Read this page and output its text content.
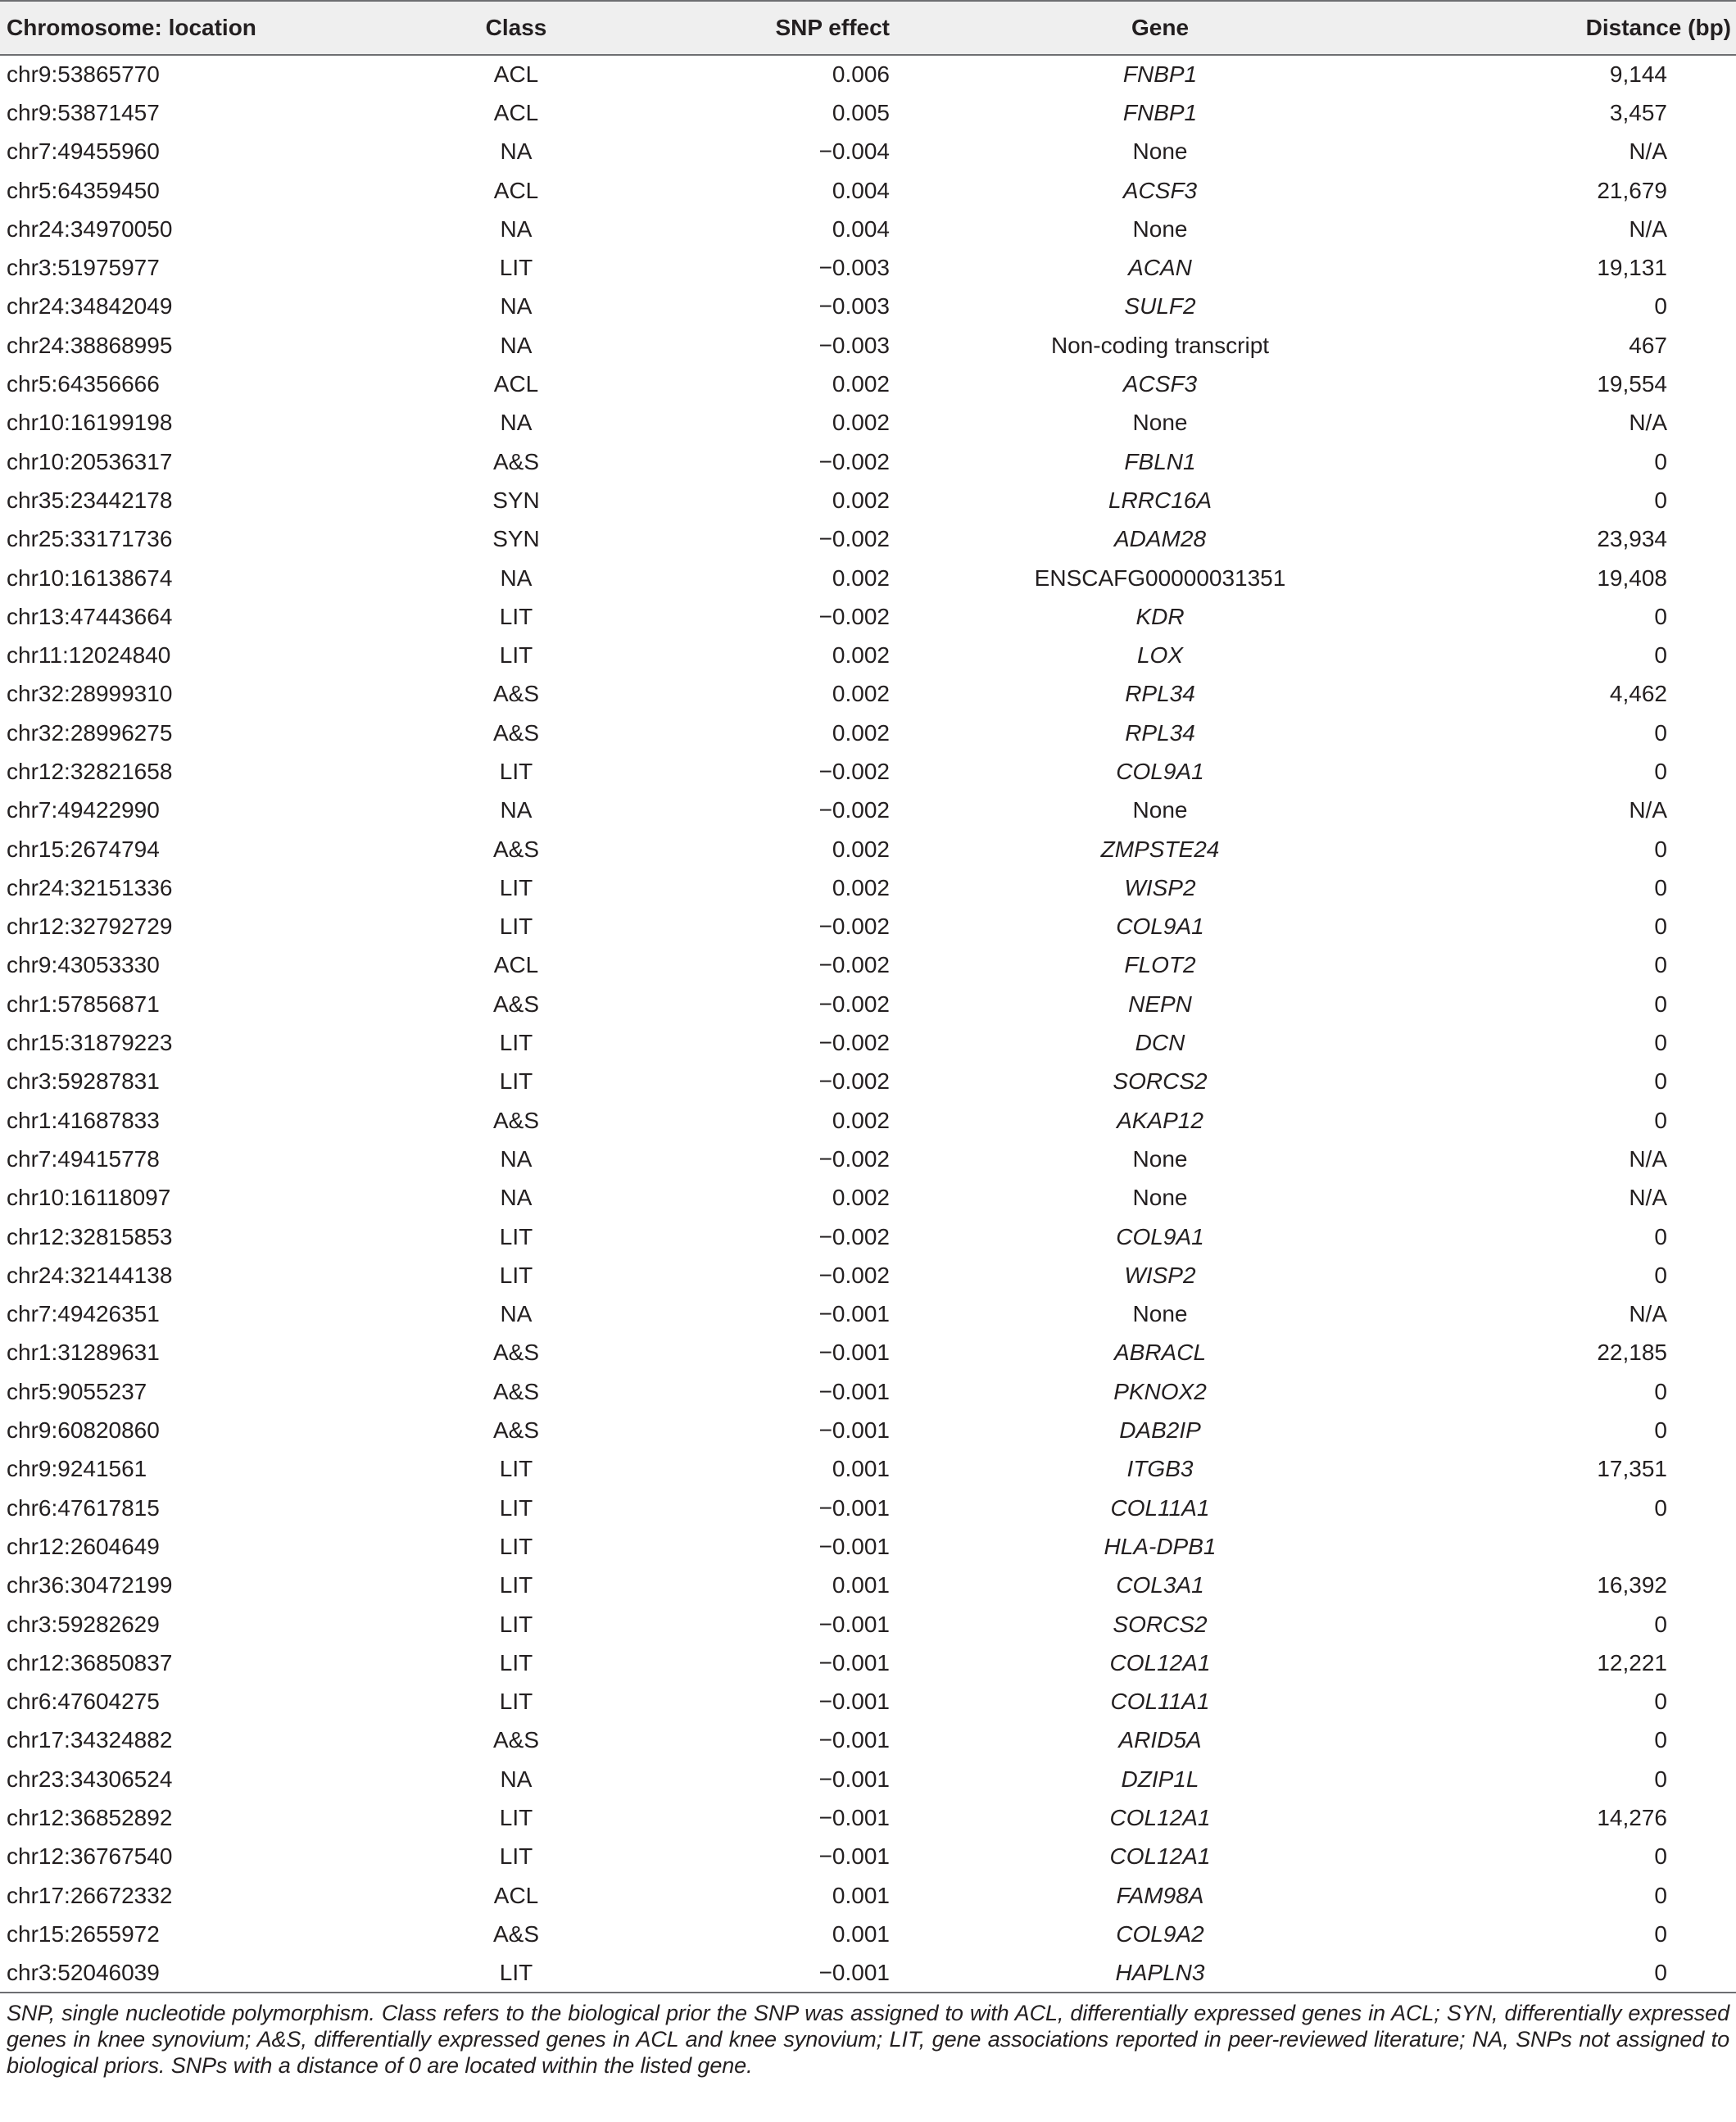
Chromosome: location	Class	SNP effect	Gene	Distance (bp)
chr9:53865770	ACL	0.006	FNBP1	9,144
chr9:53871457	ACL	0.005	FNBP1	3,457
chr7:49455960	NA	−0.004	None	N/A
chr5:64359450	ACL	0.004	ACSF3	21,679
chr24:34970050	NA	0.004	None	N/A
chr3:51975977	LIT	−0.003	ACAN	19,131
chr24:34842049	NA	−0.003	SULF2	0
chr24:38868995	NA	−0.003	Non-coding transcript	467
chr5:64356666	ACL	0.002	ACSF3	19,554
chr10:16199198	NA	0.002	None	N/A
chr10:20536317	A&S	−0.002	FBLN1	0
chr35:23442178	SYN	0.002	LRRC16A	0
chr25:33171736	SYN	−0.002	ADAM28	23,934
chr10:16138674	NA	0.002	ENSCAFG00000031351	19,408
chr13:47443664	LIT	−0.002	KDR	0
chr11:12024840	LIT	0.002	LOX	0
chr32:28999310	A&S	0.002	RPL34	4,462
chr32:28996275	A&S	0.002	RPL34	0
chr12:32821658	LIT	−0.002	COL9A1	0
chr7:49422990	NA	−0.002	None	N/A
chr15:2674794	A&S	0.002	ZMPSTE24	0
chr24:32151336	LIT	0.002	WISP2	0
chr12:32792729	LIT	−0.002	COL9A1	0
chr9:43053330	ACL	−0.002	FLOT2	0
chr1:57856871	A&S	−0.002	NEPN	0
chr15:31879223	LIT	−0.002	DCN	0
chr3:59287831	LIT	−0.002	SORCS2	0
chr1:41687833	A&S	0.002	AKAP12	0
chr7:49415778	NA	−0.002	None	N/A
chr10:16118097	NA	0.002	None	N/A
chr12:32815853	LIT	−0.002	COL9A1	0
chr24:32144138	LIT	−0.002	WISP2	0
chr7:49426351	NA	−0.001	None	N/A
chr1:31289631	A&S	−0.001	ABRACL	22,185
chr5:9055237	A&S	−0.001	PKNOX2	0
chr9:60820860	A&S	−0.001	DAB2IP	0
chr9:9241561	LIT	0.001	ITGB3	17,351
chr6:47617815	LIT	−0.001	COL11A1	0
chr12:2604649	LIT	−0.001	HLA-DPB1	
chr36:30472199	LIT	0.001	COL3A1	16,392
chr3:59282629	LIT	−0.001	SORCS2	0
chr12:36850837	LIT	−0.001	COL12A1	12,221
chr6:47604275	LIT	−0.001	COL11A1	0
chr17:34324882	A&S	−0.001	ARID5A	0
chr23:34306524	NA	−0.001	DZIP1L	0
chr12:36852892	LIT	−0.001	COL12A1	14,276
chr12:36767540	LIT	−0.001	COL12A1	0
chr17:26672332	ACL	0.001	FAM98A	0
chr15:2655972	A&S	0.001	COL9A2	0
chr3:52046039	LIT	−0.001	HAPLN3	0
SNP, single nucleotide polymorphism. Class refers to the biological prior the SNP was assigned to with ACL, differentially expressed genes in ACL; SYN, differentially expressed genes in knee synovium; A&S, differentially expressed genes in ACL and knee synovium; LIT, gene associations reported in peer-reviewed literature; NA, SNPs not assigned to biological priors. SNPs with a distance of 0 are located within the listed gene.
